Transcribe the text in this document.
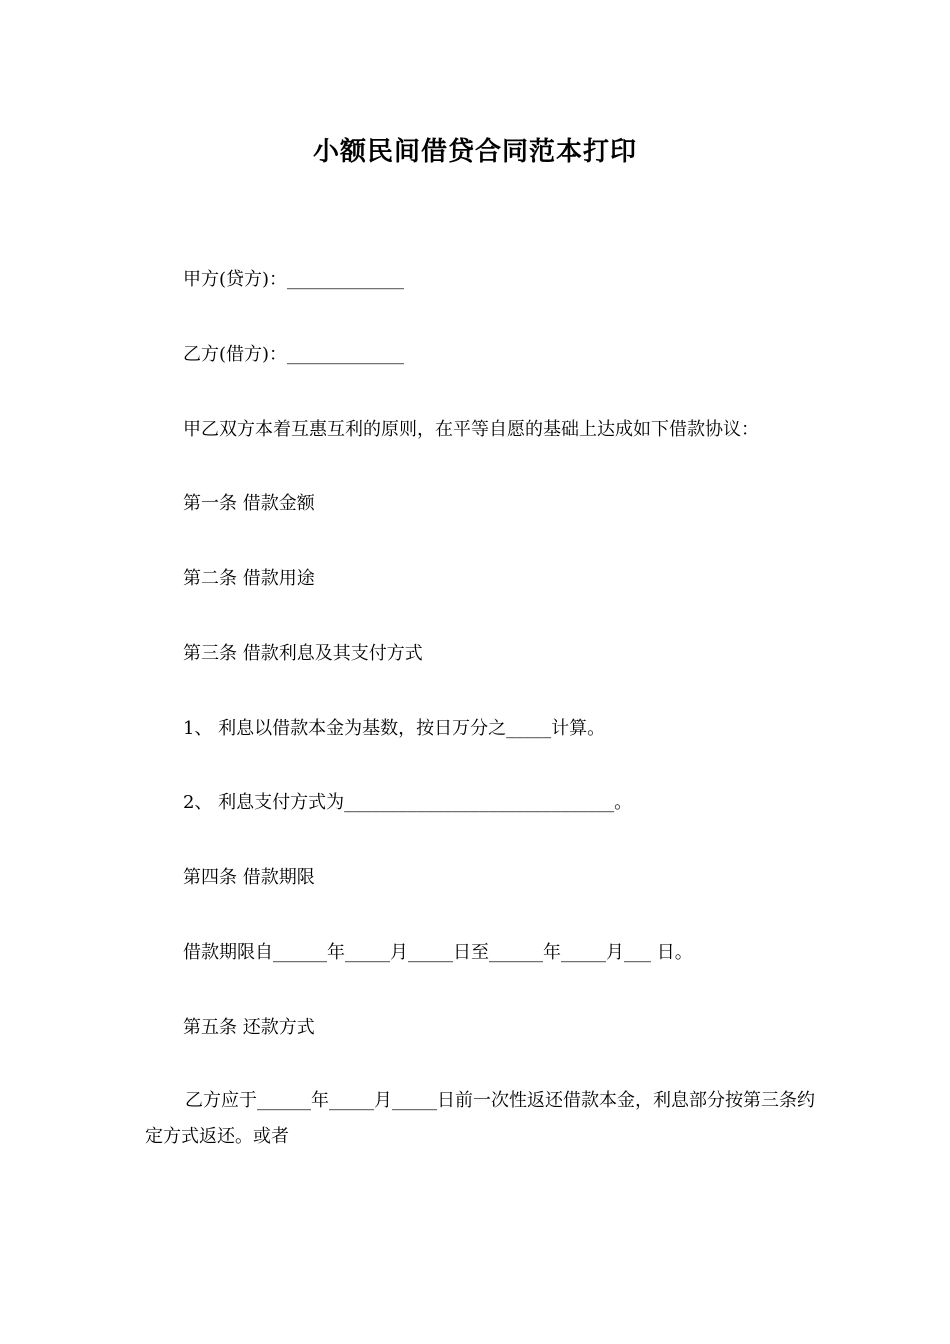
小额民间借贷合同范本打印
甲方(贷方)：_____________
乙方(借方)：_____________
甲乙双方本着互惠互利的原则，在平等自愿的基础上达成如下借款协议：
第一条 借款金额
第二条 借款用途
第三条 借款利息及其支付方式
1、 利息以借款本金为基数，按日万分之_____计算。
2、 利息支付方式为______________________________。
第四条 借款期限
借款期限自______年_____月_____日至______年_____月___ 日。
第五条 还款方式
乙方应于______年_____月_____日前一次性返还借款本金，利息部分按第三条约定方式返还。或者
